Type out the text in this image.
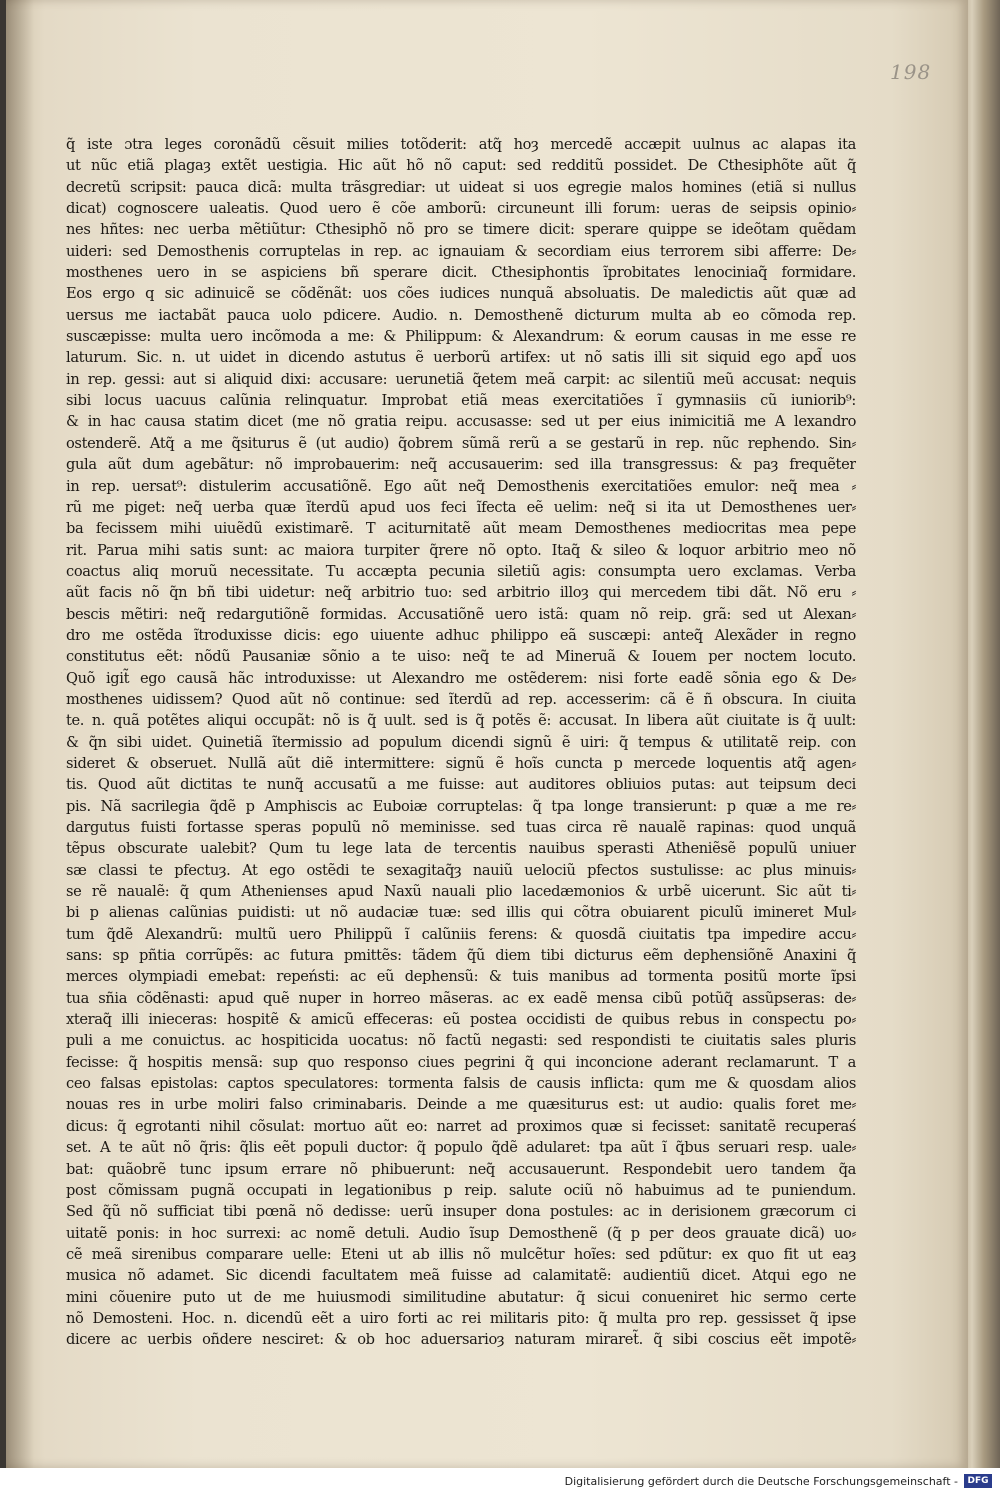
198
q̃ iste ɔtra leges coronãdũ cẽsuit milies totõderit: atq̃ hoȝ mercedẽ accæpit uulnus ac alapas ita
ut nũc etiã plagaȝ extẽt uestigia. Hic aũt hõ nõ caput: sed redditũ possidet. De Cthesiphõte aũt q̃
decretũ scripsit: pauca dicã: multa trãsgrediar: ut uideat si uos egregie malos homines (etiã si nullus
dicat) cognoscere ualeatis. Quod uero ẽ cõe amborũ: circuneunt illi forum: ueras de seipsis opinio⸗
nes hñtes: nec uerba mẽtiũtur: Cthesiphõ nõ pro se timere dicit: sperare quippe se ideõtam quẽdam
uideri: sed Demosthenis corruptelas in rep. ac ignauiam & secordiam eius terrorem sibi afferre: De⸗
mosthenes uero in se aspiciens bñ sperare dicit. Cthesiphontis ĩprobitates lenociniaq̃ formidare.
Eos ergo q sic adinuicẽ se cõdẽnãt: uos cões iudices nunquã absoluatis. De maledictis aũt quæ ad
uersus me iactabãt pauca uolo pdicere. Audio. n. Demosthenẽ dicturum multa ab eo cõmoda rep.
suscæpisse: multa uero incõmoda a me: & Philippum: & Alexandrum: & eorum causas in me esse re
laturum. Sic. n. ut uidet in dicendo astutus ẽ uerborũ artifex: ut nõ satis illi sit siquid ego apd̃ uos
in rep. gessi: aut si aliquid dixi: accusare: uerunetiã q̃etem meã carpit: ac silentiũ meũ accusat: nequis
sibi locus uacuus calũnia relinquatur. Improbat etiã meas exercitatiões ĩ gymnasiis cũ iuniorib⁹:
& in hac causa statim dicet (me nõ gratia reipu. accusasse: sed ut per eius inimicitiã me A lexandro
ostenderẽ. Atq̃ a me q̃siturus ẽ (ut audio) q̃obrem sũmã rerũ a se gestarũ in rep. nũc rephendo. Sin⸗
gula aũt dum agebãtur: nõ improbauerim: neq̃ accusauerim: sed illa transgressus: & paȝ frequẽter
in rep. uersat⁹: distulerim accusatiõnẽ. Ego aũt neq̃ Demosthenis exercitatiões emulor: neq̃ mea ⸗
rũ me piget: neq̃ uerba quæ ĩterdũ apud uos feci ĩfecta eẽ uelim: neq̃ si ita ut Demosthenes uer⸗
ba fecissem mihi uiuẽdũ existimarẽ. T aciturnitatẽ aũt meam Demosthenes mediocritas mea pepe
rit. Parua mihi satis sunt: ac maiora turpiter q̃rere nõ opto. Itaq̃ & sileo & loquor arbitrio meo nõ
coactus aliq moruũ necessitate. Tu accæpta pecunia siletiũ agis: consumpta uero exclamas. Verba
aũt facis nõ q̃n bñ tibi uidetur: neq̃ arbitrio tuo: sed arbitrio illoȝ qui mercedem tibi dãt. Nõ eru ⸗
bescis mẽtiri: neq̃ redargutiõnẽ formidas. Accusatiõnẽ uero istã: quam nõ reip. grã: sed ut Alexan⸗
dro me ostẽda ĩtroduxisse dicis: ego uiuente adhuc philippo eã suscæpi: anteq̃ Alexãder in regno
constitutus eẽt: nõdũ Pausaniæ sõnio a te uiso: neq̃ te ad Mineruã & Iouem per noctem locuto.
Quõ igit̃ ego causã hãc introduxisse: ut Alexandro me ostẽderem: nisi forte eadẽ sõnia ego & De⸗
mosthenes uidissem? Quod aũt nõ continue: sed ĩterdũ ad rep. accesserim: cã ẽ ñ obscura. In ciuita
te. n. quã potẽtes aliqui occupãt: nõ is q̃ uult. sed is q̃ potẽs ẽ: accusat. In libera aũt ciuitate is q̃ uult:
& q̃n sibi uidet. Quinetiã ĩtermissio ad populum dicendi signũ ẽ uiri: q̃ tempus & utilitatẽ reip. con
sideret & obseruet. Nullã aũt diẽ intermittere: signũ ẽ hoĩs cuncta p mercede loquentis atq̃ agen⸗
tis. Quod aũt dictitas te nunq̃ accusatũ a me fuisse: aut auditores obliuios putas: aut teipsum deci
pis. Nã sacrilegia q̃dẽ p Amphiscis ac Euboiæ corruptelas: q̃ tpa longe transierunt: p quæ a me re⸗
dargutus fuisti fortasse speras populũ nõ meminisse. sed tuas circa rẽ naualẽ rapinas: quod unquã
tẽpus obscurate ualebit? Qum tu lege lata de tercentis nauibus sperasti Atheniẽsẽ populũ uniuer
sæ classi te pfectuȝ. At ego ostẽdi te sexagitaq̃ȝ nauiũ uelociũ pfectos sustulisse: ac plus minuis⸗
se rẽ naualẽ: q̃ qum Athenienses apud Naxũ nauali plio lacedæmonios & urbẽ uicerunt. Sic aũt ti⸗
bi p alienas calũnias puidisti: ut nõ audaciæ tuæ: sed illis qui cõtra obuiarent piculũ imineret Mul⸗
tum q̃dẽ Alexandrũ: multũ uero Philippũ ĩ calũniis ferens: & quosdã ciuitatis tpa impedire accu⸗
sans: sp pñtia corrũpẽs: ac futura pmittẽs: tãdem q̃ũ diem tibi dicturus eẽm dephensiõnẽ Anaxini q̃
merces olympiadi emebat: repeństi: ac eũ dephensũ: & tuis manibus ad tormenta positũ morte ĩpsi
tua sñia cõdẽnasti: apud quẽ nuper in horreo mãseras. ac ex eadẽ mensa cibũ potũq̃ assũpseras: de⸗
xteraq̃ illi inieceras: hospitẽ & amicũ effeceras: eũ postea occidisti de quibus rebus in conspectu po⸗
puli a me conuictus. ac hospiticida uocatus: nõ factũ negasti: sed respondisti te ciuitatis sales pluris
fecisse: q̃ hospitis mensã: sup quo responso ciues pegrini q̃ qui inconcione aderant reclamarunt. T a
ceo falsas epistolas: captos speculatores: tormenta falsis de causis inflicta: qum me & quosdam alios
nouas res in urbe moliri falso criminabaris. Deinde a me quæsiturus est: ut audio: qualis foret me⸗
dicus: q̃ egrotanti nihil cõsulat: mortuo aũt eo: narret ad proximos quæ si fecisset: sanitatẽ recuperaś
set. A te aũt nõ q̃ris: q̃lis eẽt populi ductor: q̃ populo q̃dẽ adularet: tpa aũt ĩ q̃bus seruari resp. uale⸗
bat: quãobrẽ tunc ipsum errare nõ phibuerunt: neq̃ accusauerunt. Respondebit uero tandem q̃a
post cõmissam pugnã occupati in legationibus p reip. salute ociũ nõ habuimus ad te puniendum.
Sed q̃ũ nõ sufficiat tibi pœnã nõ dedisse: uerũ insuper dona postules: ac in derisionem græcorum ci
uitatẽ ponis: in hoc surrexi: ac nomẽ detuli. Audio ĩsup Demosthenẽ (q̃ p per deos grauate dicã) uo⸗
cẽ meã sirenibus comparare uelle: Eteni ut ab illis nõ mulcẽtur hoĩes: sed pdũtur: ex quo fit ut eaȝ
musica nõ adamet. Sic dicendi facultatem meã fuisse ad calamitatẽ: audientiũ dicet. Atqui ego ne
mini cõuenire puto ut de me huiusmodi similitudine abutatur: q̃ sicui conueniret hic sermo certe
nõ Demosteni. Hoc. n. dicendũ eẽt a uiro forti ac rei militaris pito: q̃ multa pro rep. gessisset q̃ ipse
dicere ac uerbis oñdere nesciret: & ob hoc aduersarioȝ naturam miraret̃. q̃ sibi coscius eẽt impotẽ⸗
Digitalisierung gefördert durch die Deutsche Forschungsgemeinschaft -	DFG
